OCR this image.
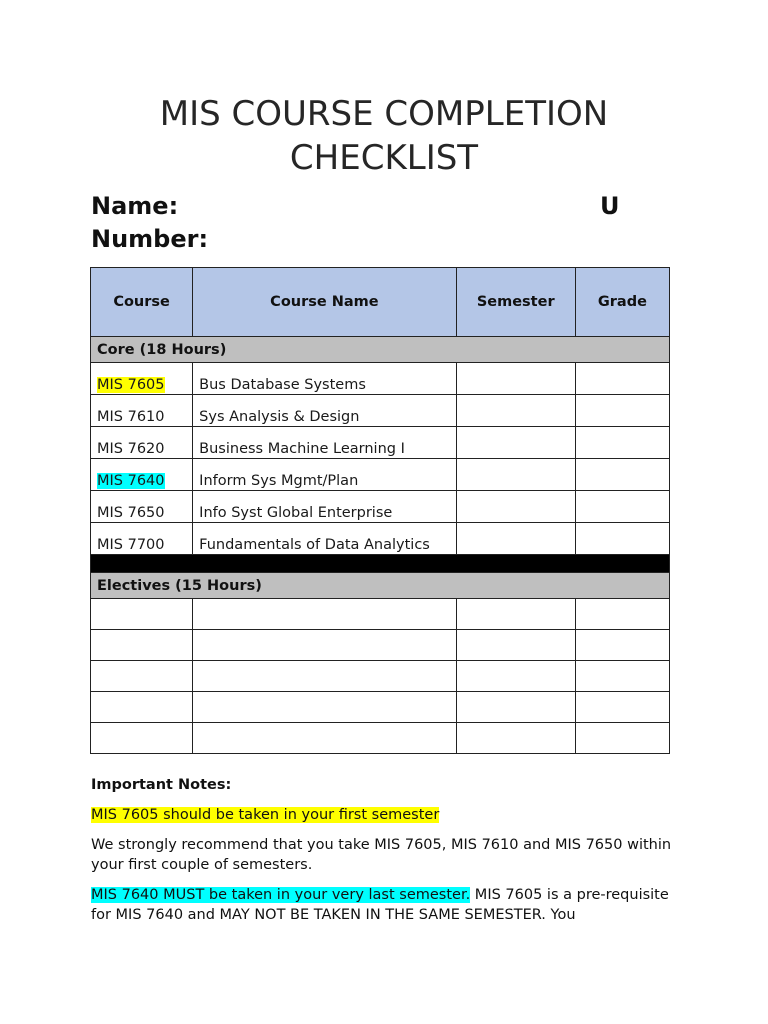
MIS COURSE COMPLETION
CHECKLIST
Name:	U
Number:
Course	Course Name	Semester	Grade
Core (18 Hours)			
MIS 7605	Bus Database Systems		
MIS 7610	Sys Analysis & Design		
MIS 7620	Business Machine Learning I		
MIS 7640	Inform Sys Mgmt/Plan		
MIS 7650	Info Syst Global Enterprise		
MIS 7700	Fundamentals of Data Analytics		

Electives (15 Hours)			

Important Notes:

MIS 7605 should be taken in your first semester

We strongly recommend that you take MIS 7605, MIS 7610 and MIS 7650 within your first couple of semesters.

MIS 7640 MUST be taken in your very last semester. MIS 7605 is a pre-requisite for MIS 7640 and MAY NOT BE TAKEN IN THE SAME SEMESTER. You
